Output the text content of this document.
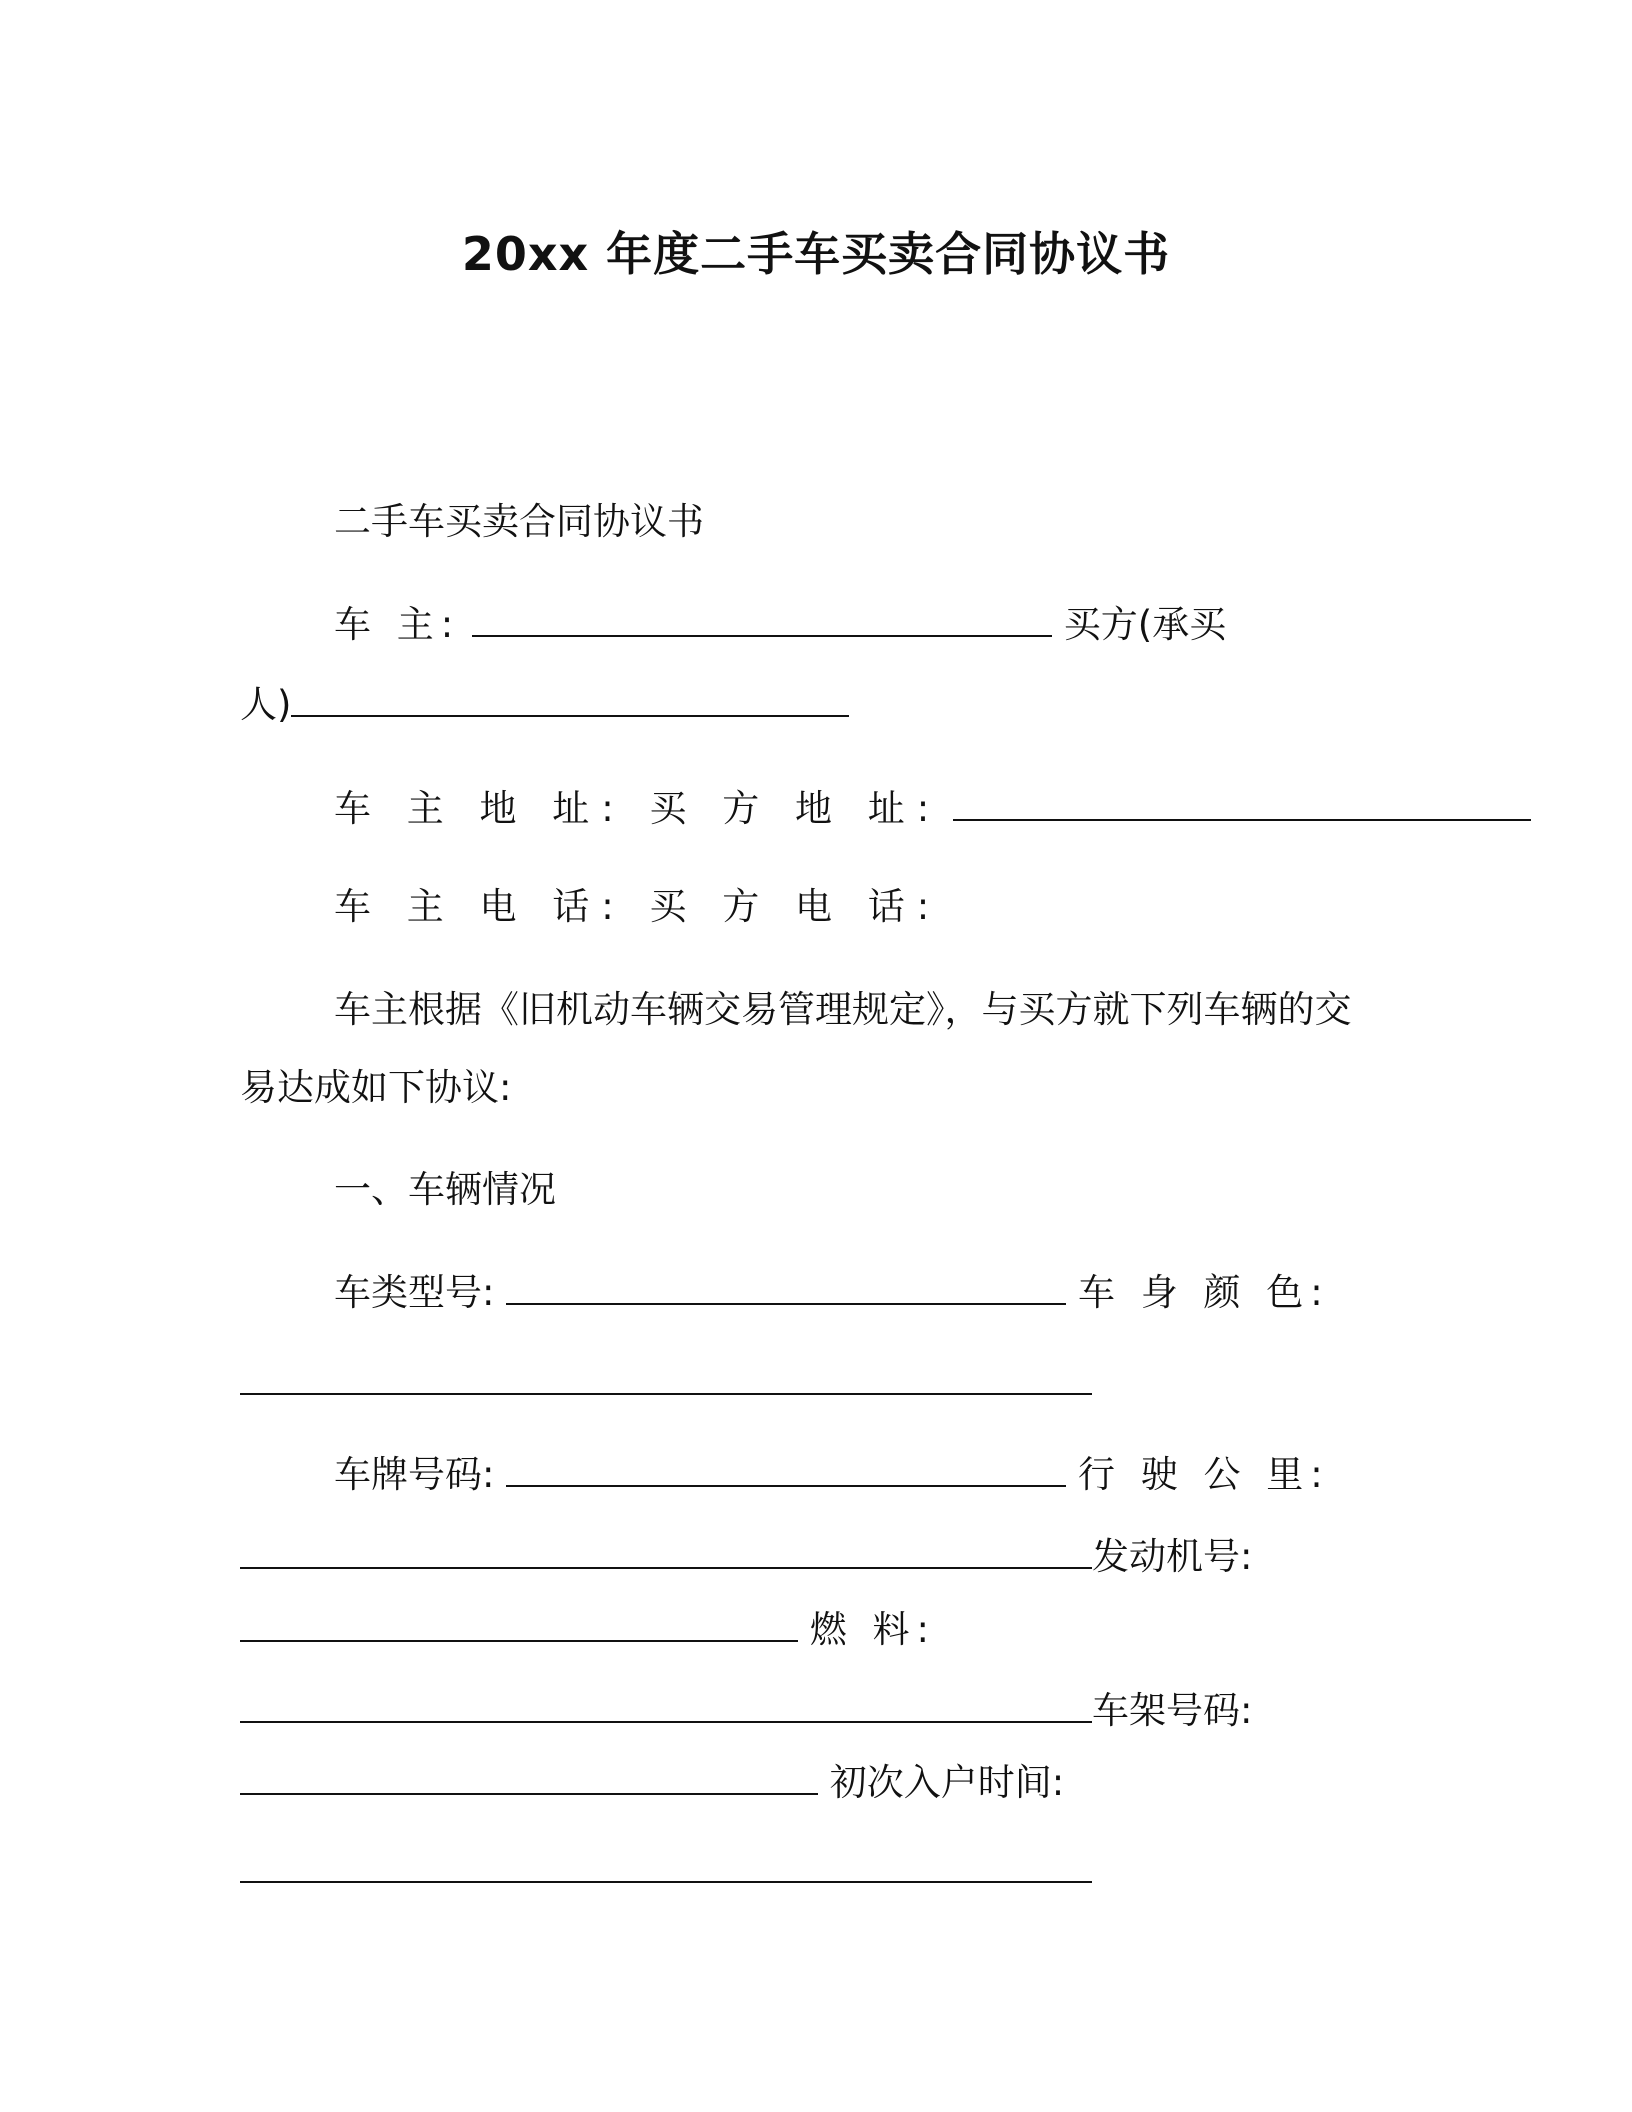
20xx 年度二手车买卖合同协议书
二手车买卖合同协议书
车 主:	买方(承买
人)
车 主 地 址: 买 方 地 址:
车 主 电 话: 买 方 电 话:
车主根据《旧机动车辆交易管理规定》，与买方就下列车辆的交
易达成如下协议:
一、车辆情况
车类型号:	车 身 颜 色:
车牌号码:	行 驶 公 里:
发动机号:
燃 料:
车架号码:
初次入户时间:
